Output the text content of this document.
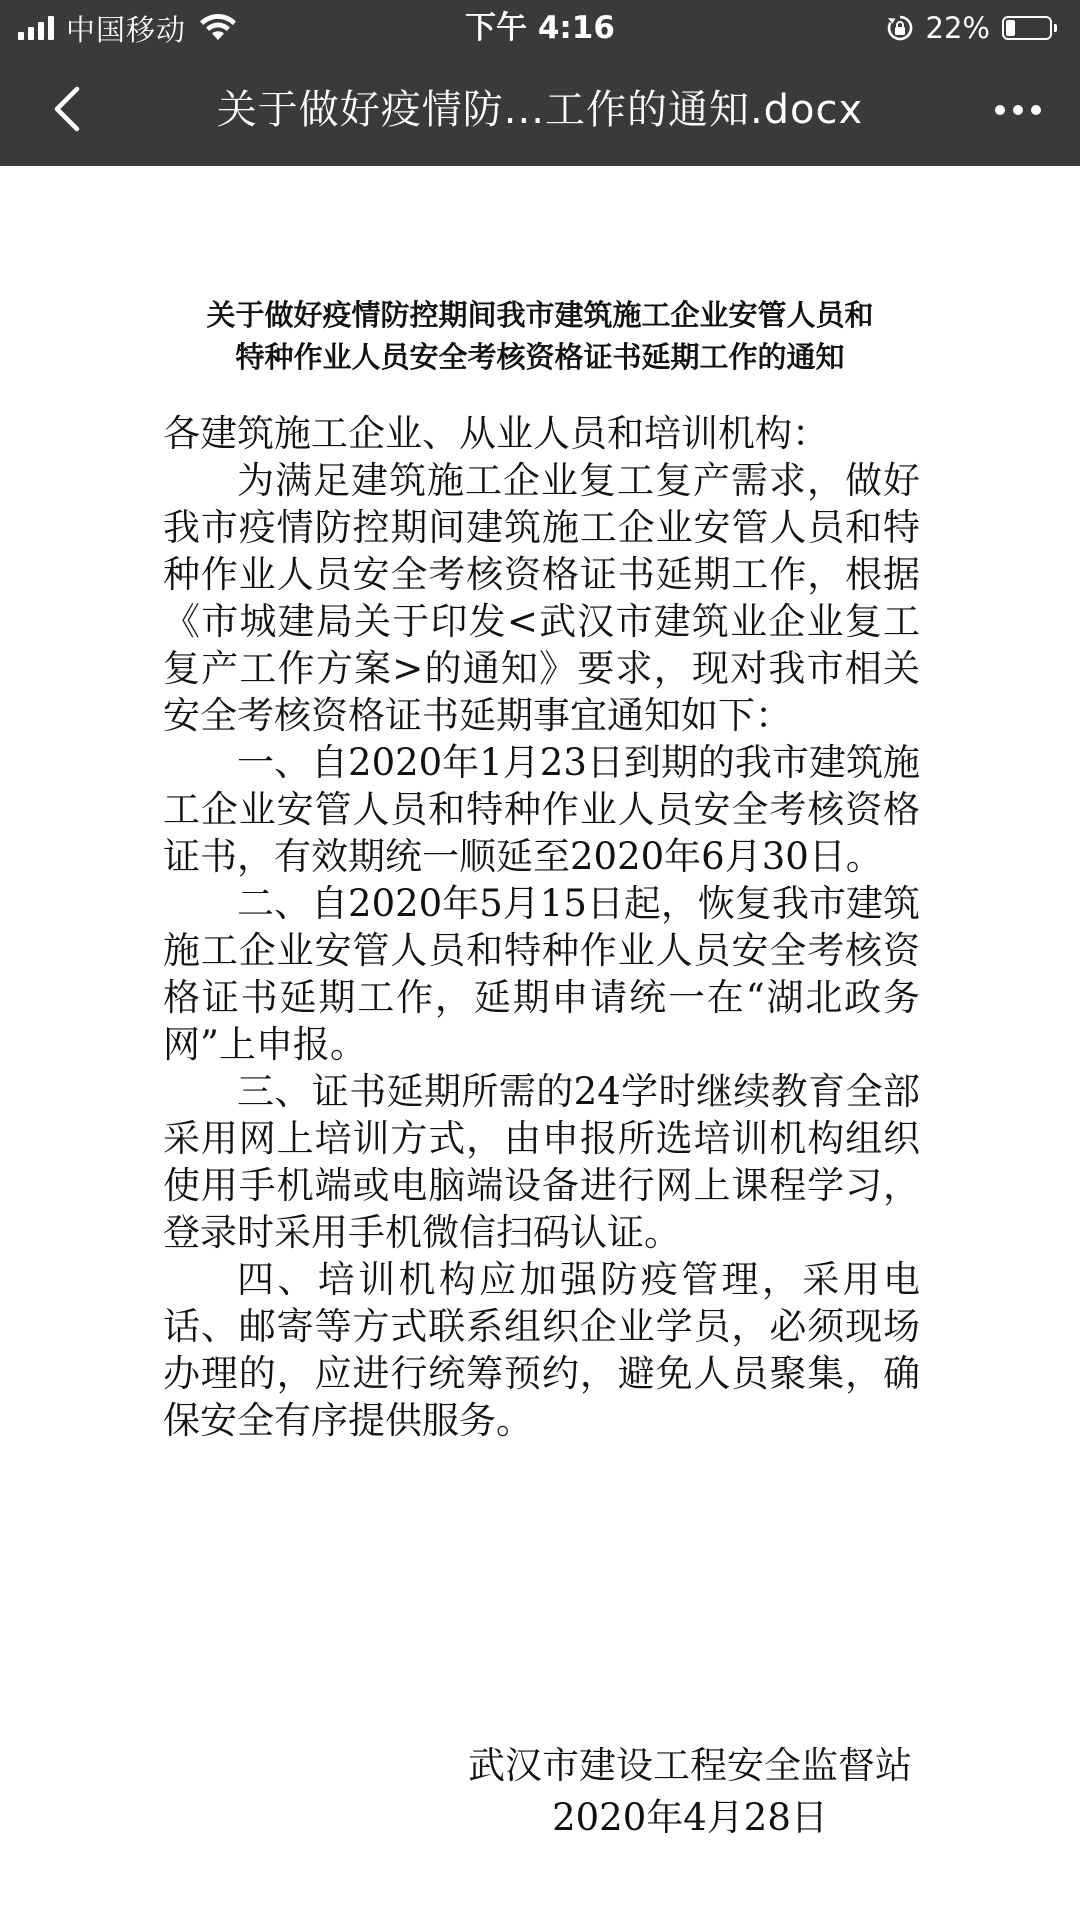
中国移动	下午 4:16	22%
关于做好疫情防...工作的通知.docx
关于做好疫情防控期间我市建筑施工企业安管人员和
特种作业人员安全考核资格证书延期工作的通知

各建筑施工企业、从业人员和培训机构：

为满足建筑施工企业复工复产需求，做好我市疫情防控期间建筑施工企业安管人员和特种作业人员安全考核资格证书延期工作，根据《市城建局关于印发<武汉市建筑业企业复工复产工作方案>的通知》要求，现对我市相关安全考核资格证书延期事宜通知如下：

一、自2020年1月23日到期的我市建筑施工企业安管人员和特种作业人员安全考核资格证书，有效期统一顺延至2020年6月30日。

二、自2020年5月15日起，恢复我市建筑施工企业安管人员和特种作业人员安全考核资格证书延期工作，延期申请统一在“湖北政务网”上申报。

三、证书延期所需的24学时继续教育全部采用网上培训方式，由申报所选培训机构组织使用手机端或电脑端设备进行网上课程学习，登录时采用手机微信扫码认证。

四、培训机构应加强防疫管理，采用电话、邮寄等方式联系组织企业学员，必须现场办理的，应进行统筹预约，避免人员聚集，确保安全有序提供服务。

武汉市建设工程安全监督站
2020年4月28日
